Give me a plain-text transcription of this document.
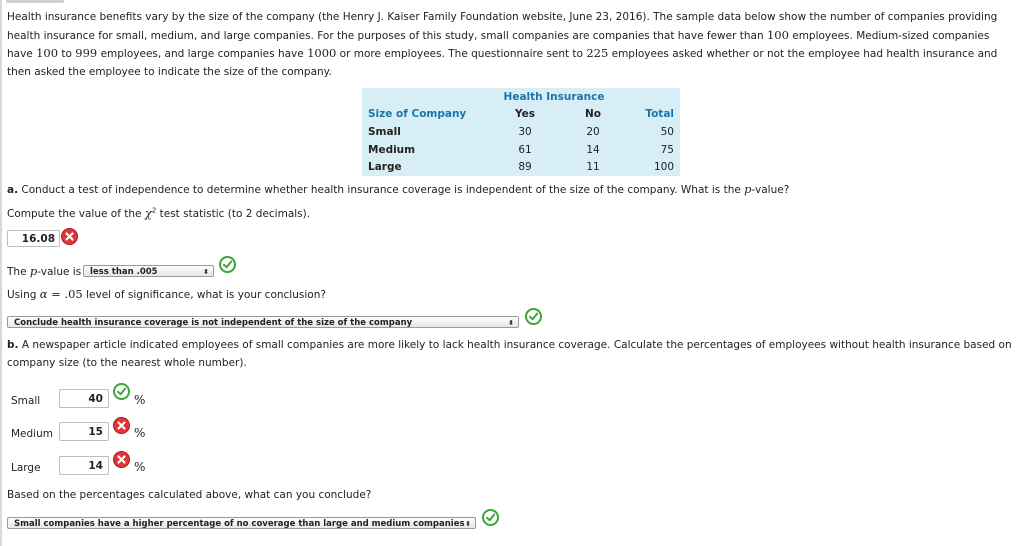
Health insurance benefits vary by the size of the company (the Henry J. Kaiser Family Foundation website, June 23, 2016). The sample data below show the number of companies providing health insurance for small, medium, and large companies. For the purposes of this study, small companies are companies that have fewer than 100 employees. Medium-sized companies have 100 to 999 employees, and large companies have 1000 or more employees. The questionnaire sent to 225 employees asked whether or not the employee had health insurance and then asked the employee to indicate the size of the company.
	Health Insurance		
Size of Company	Yes	No	Total
Small	30	20	50
Medium	61	14	75
Large	89	11	100
a. Conduct a test of independence to determine whether health insurance coverage is independent of the size of the company. What is the p-value?
Compute the value of the $\chi^2$ test statistic (to 2 decimals).
16.08
The p-value is	less than .005	⬍
Using α = .05 level of significance, what is your conclusion?
Conclude health insurance coverage is not independent of the size of the company	⬍
b. A newspaper article indicated employees of small companies are more likely to lack health insurance coverage. Calculate the percentages of employees without health insurance based on company size (to the nearest whole number).
Small	40	%
Medium	15	%
Large	14	%
Based on the percentages calculated above, what can you conclude?
Small companies have a higher percentage of no coverage than large and medium companies ⬍
